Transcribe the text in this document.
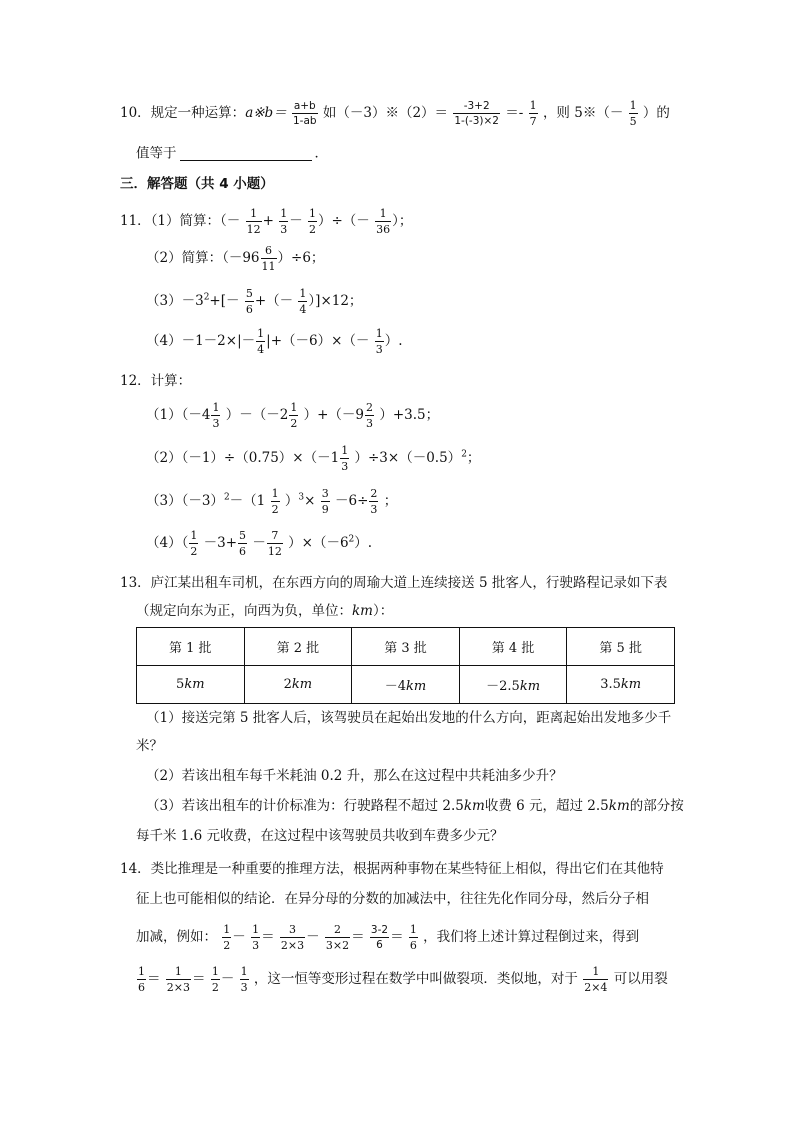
10．规定一种运算：a※b＝ $\frac{a+b}{1-ab}$ 如（－3）※（2）＝ $\frac{-3+2}{1-(-3)\times 2} =- \frac{1}{7}$ ，则 5※（－ $\frac{1}{5}$ ）的
值等于	．
三．解答题（共 4 小题）
11．（1）简算：（－ $\frac{1}{12} + \frac{1}{3} - \frac{1}{2}$ ）÷（－ $\frac{1}{36}$ ）；
（2）简算：$(-96 \frac{6}{11} )\div 6$；
$(3)-3^2+[- \frac{5}{6}$ +（－ $\frac{1}{4} )]\times 12$；
$(4)-1-2\times|- \frac{1}{4} |+(-6)\times(- \frac{1}{3}$ ）.
12．计算：
$(1)(-4 \frac{1}{3} )-(-2 \frac{1}{2} )+(-9 \frac{2}{3} )+3.5$；
$(2)(-1)\div(0.75)\times(-1 \frac{1}{3} )\div 3\times(-0.5)^2$；
$(3)(-3)^2-(1 \frac{1}{2} )^3\times \frac{3}{9} -6\div \frac{2}{3}$ ；
$(4)( \frac{1}{2} -3+ \frac{5}{6} - \frac{7}{12} )\times(-6^2)$.
13．庐江某出租车司机，在东西方向的周瑜大道上连续接送 5 批客人，行驶路程记录如下表
（规定向东为正，向西为负，单位：km）：
第 1 批	第 2 批	第 3 批	第 4 批	第 5 批
5km	2km	－4km	－2.5km	3.5km
（1）接送完第 5 批客人后，该驾驶员在起始出发地的什么方向，距离起始出发地多少千
米？
（2）若该出租车每千米耗油 0.2 升，那么在这过程中共耗油多少升？
（3）若该出租车的计价标准为：行驶路程不超过 2.5km收费 6 元，超过 2.5km的部分按
每千米 1.6 元收费，在这过程中该驾驶员共收到车费多少元？
14．类比推理是一种重要的推理方法，根据两种事物在某些特征上相似，得出它们在其他特
征上也可能相似的结论．在异分母的分数的加减法中，往往先化作同分母，然后分子相
加减，例如： $\frac{1}{2} - \frac{1}{3} = \frac{3}{2\times 3} - \frac{2}{3\times 2} = \frac{3-2}{6} = \frac{1}{6}$ ，我们将上述计算过程倒过来，得到
$\frac{1}{6} = \frac{1}{2\times 3} = \frac{1}{2} - \frac{1}{3}$ ，这一恒等变形过程在数学中叫做裂项．类似地，对于 $\frac{1}{2\times 4}$ 可以用裂
